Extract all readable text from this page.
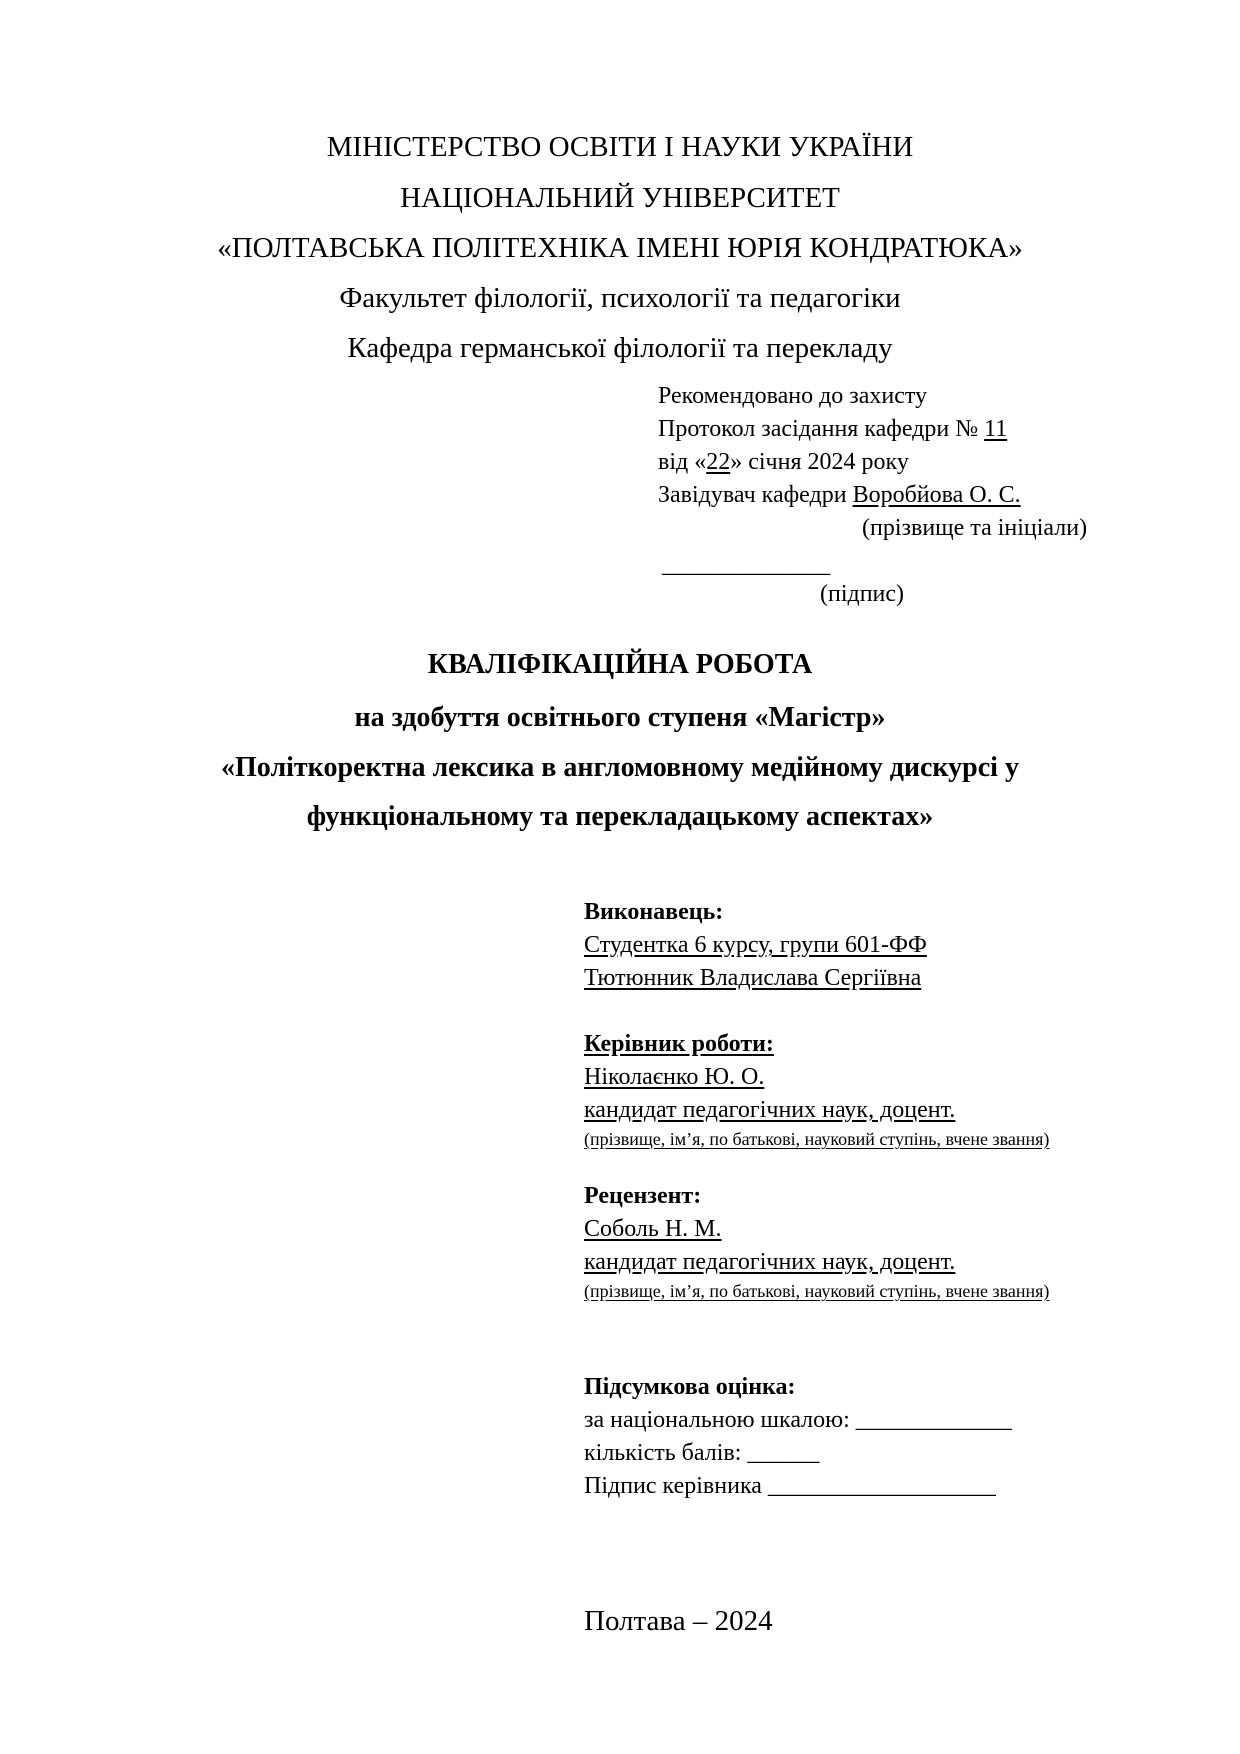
МІНІСТЕРСТВО ОСВІТИ І НАУКИ УКРАЇНИ
НАЦІОНАЛЬНИЙ УНІВЕРСИТЕТ
«ПОЛТАВСЬКА ПОЛІТЕХНІКА ІМЕНІ ЮРІЯ КОНДРАТЮКА»
Факультет філології, психології та педагогіки
Кафедра германської філології та перекладу
Рекомендовано до захисту
Протокол засідання кафедри № 11
від «22» січня 2024 року
Завідувач кафедри Воробйова О. С.
(прізвище та ініціали)
______________
(підпис)
КВАЛІФІКАЦІЙНА РОБОТА
на здобуття освітнього ступеня «Магістр»
«Політкоректна лексика в англомовному медійному дискурсі у
функціональному та перекладацькому аспектах»
Виконавець:
Студентка 6 курсу, групи 601-ФФ
Тютюнник Владислава Сергіївна
Керівник роботи:
Ніколаєнко Ю. О.
кандидат педагогічних наук, доцент.
(прізвище, ім’я, по батькові, науковий ступінь, вчене звання)
Рецензент:
Соболь Н. М.
кандидат педагогічних наук, доцент.
(прізвище, ім’я, по батькові, науковий ступінь, вчене звання)
Підсумкова оцінка:
за національною шкалою: _____________
кількість балів: ______
Підпис керівника ___________________
Полтава – 2024
